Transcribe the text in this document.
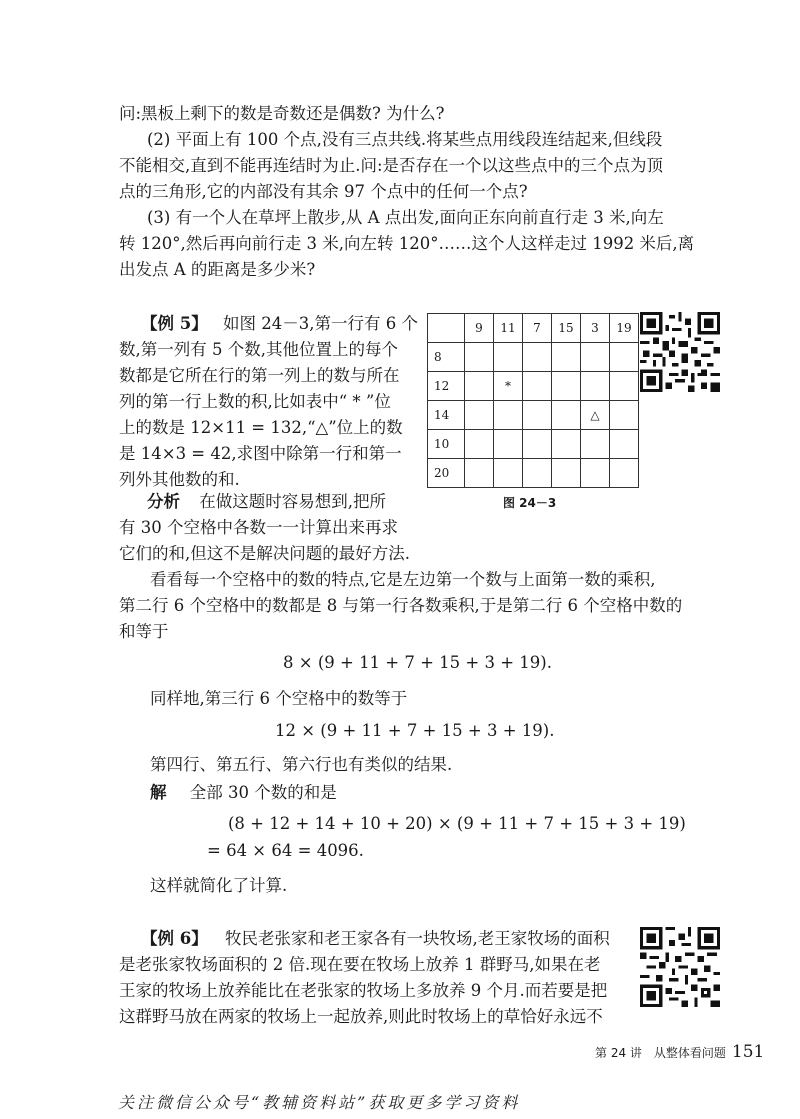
问:黑板上剩下的数是奇数还是偶数? 为什么?
(2) 平面上有 100 个点,没有三点共线.将某些点用线段连结起来,但线段
不能相交,直到不能再连结时为止.问:是否存在一个以这些点中的三个点为顶
点的三角形,它的内部没有其余 97 个点中的任何一个点?
(3) 有一个人在草坪上散步,从 A 点出发,面向正东向前直行走 3 米,向左
转 120°,然后再向前行走 3 米,向左转 120°……这个人这样走过 1992 米后,离
出发点 A 的距离是多少米?
【例 5】 如图 24－3,第一行有 6 个
数,第一列有 5 个数,其他位置上的每个
数都是它所在行的第一列上的数与所在
列的第一行上数的积,比如表中“ * ”位
上的数是 12×11 = 132,“△”位上的数
是 14×3 = 42,求图中除第一行和第一
列外其他数的和.
分析 在做这题时容易想到,把所
有 30 个空格中各数一一计算出来再求
它们的和,但这不是解决问题的最好方法.
	9	11	7	15	3	19
8						
12		*				
14					△	
10						
20						
图 24－3
看看每一个空格中的数的特点,它是左边第一个数与上面第一数的乘积,
第二行 6 个空格中的数都是 8 与第一行各数乘积,于是第二行 6 个空格中数的
和等于
8 × (9 + 11 + 7 + 15 + 3 + 19).
同样地,第三行 6 个空格中的数等于
12 × (9 + 11 + 7 + 15 + 3 + 19).
第四行、第五行、第六行也有类似的结果.
解 全部 30 个数的和是
(8 + 12 + 14 + 10 + 20) × (9 + 11 + 7 + 15 + 3 + 19)
= 64 × 64 = 4096.
这样就简化了计算.
【例 6】 牧民老张家和老王家各有一块牧场,老王家牧场的面积
是老张家牧场面积的 2 倍.现在要在牧场上放养 1 群野马,如果在老
王家的牧场上放养能比在老张家的牧场上多放养 9 个月.而若要是把
这群野马放在两家的牧场上一起放养,则此时牧场上的草恰好永远不
第 24 讲　从整体看问题 151
关注微信公众号“教辅资料站”获取更多学习资料
